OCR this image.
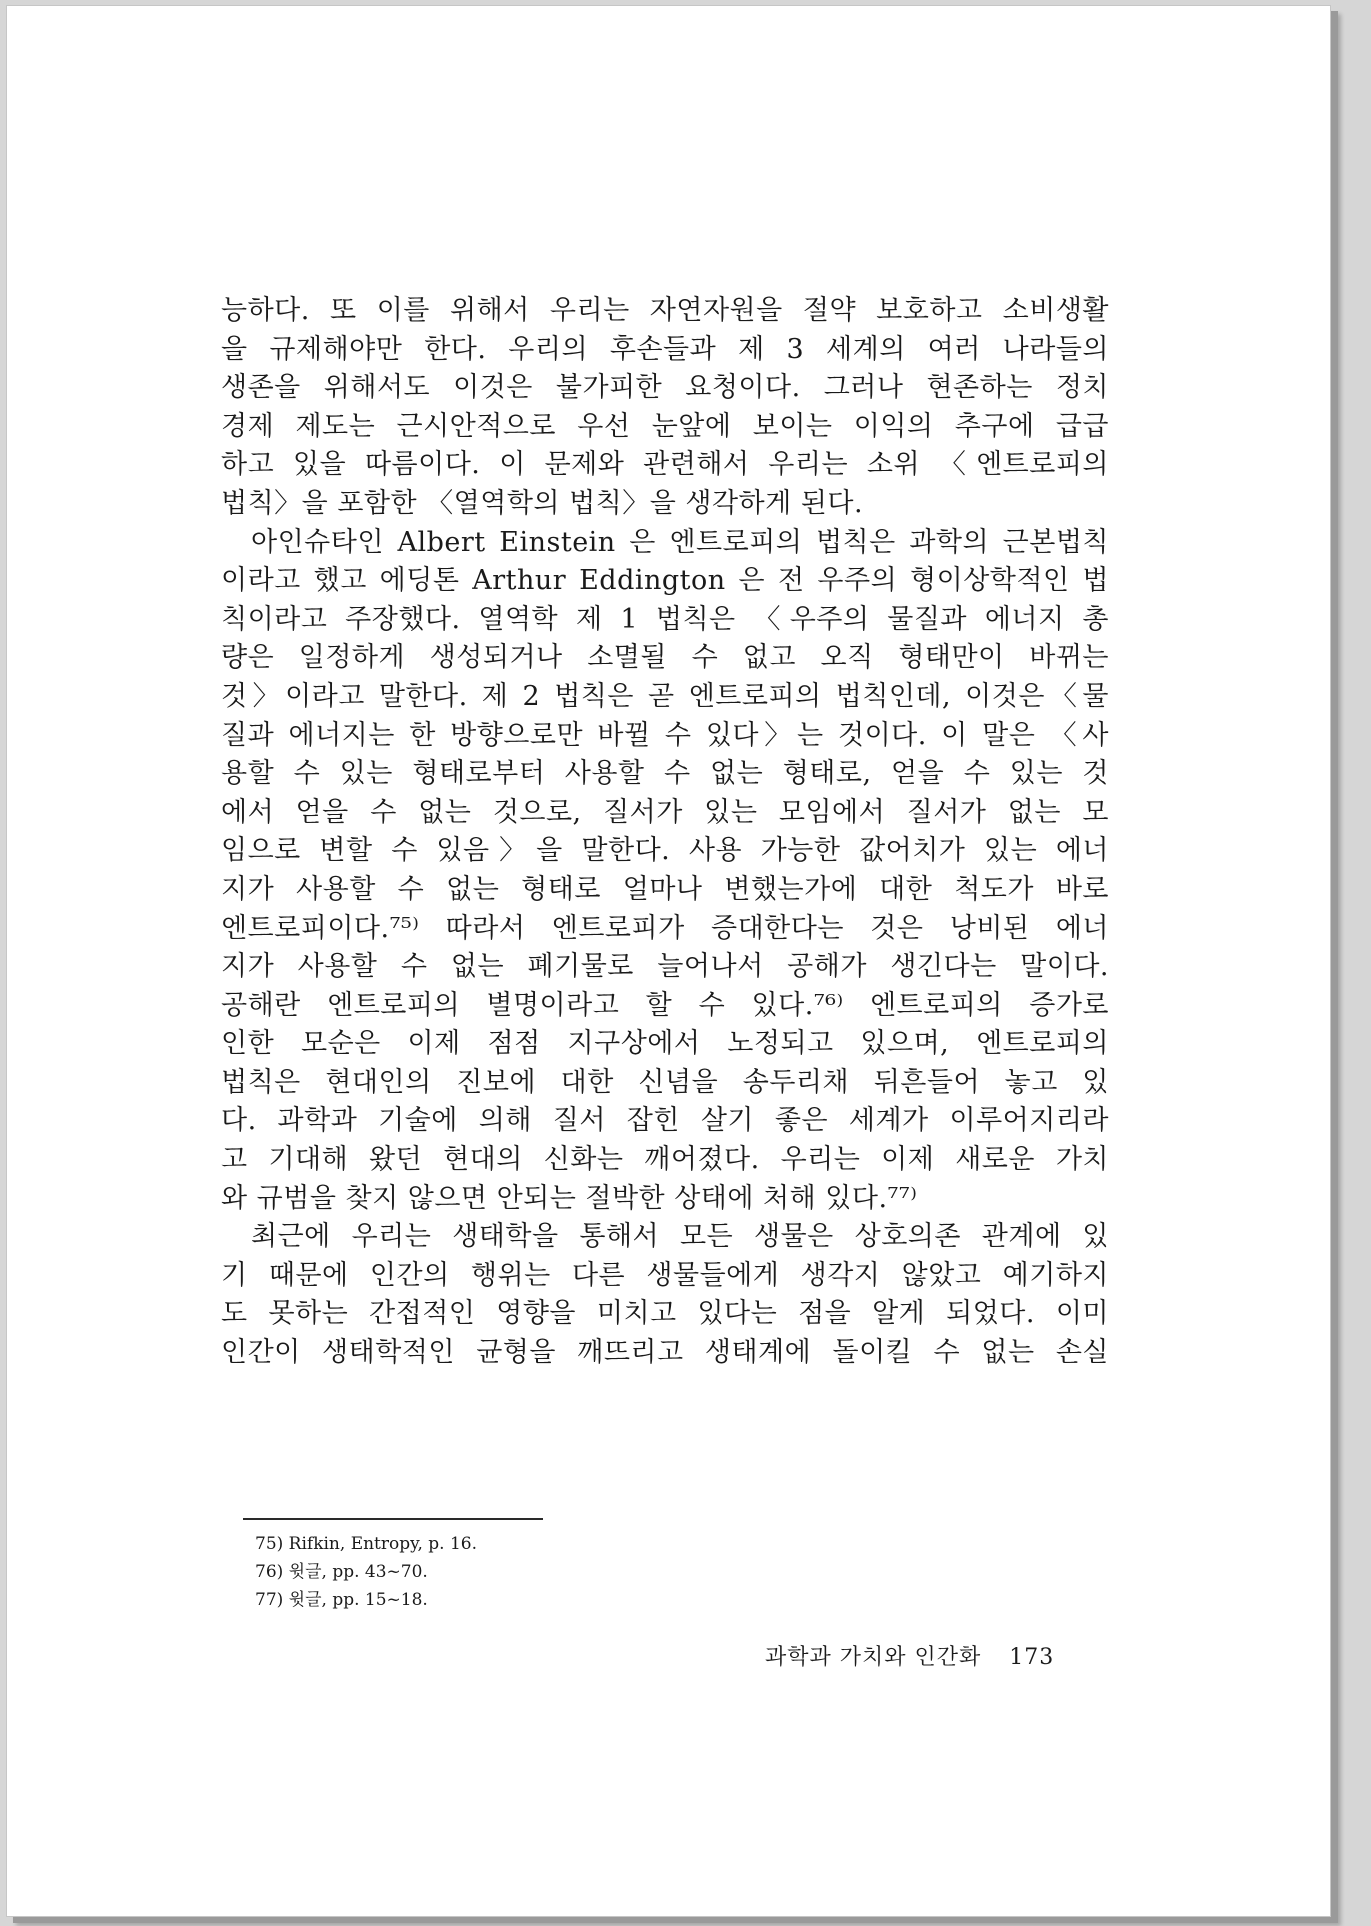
능하다. 또 이를 위해서 우리는 자연자원을 절약 보호하고 소비생활
을 규제해야만 한다. 우리의 후손들과 제 3 세계의 여러 나라들의
생존을 위해서도 이것은 불가피한 요청이다. 그러나 현존하는 정치
경제 제도는 근시안적으로 우선 눈앞에 보이는 이익의 추구에 급급
하고 있을 따름이다. 이 문제와 관련해서 우리는 소위 〈엔트로피의
법칙〉을 포함한 〈열역학의 법칙〉을 생각하게 된다.
아인슈타인 Albert Einstein 은 엔트로피의 법칙은 과학의 근본법칙
이라고 했고 에딩톤 Arthur Eddington 은 전 우주의 형이상학적인 법
칙이라고 주장했다. 열역학 제 1 법칙은 〈우주의 물질과 에너지 총
량은 일정하게 생성되거나 소멸될 수 없고 오직 형태만이 바뀌는
것〉이라고 말한다. 제 2 법칙은 곧 엔트로피의 법칙인데, 이것은〈물
질과 에너지는 한 방향으로만 바뀔 수 있다〉는 것이다. 이 말은 〈사
용할 수 있는 형태로부터 사용할 수 없는 형태로, 얻을 수 있는 것
에서 얻을 수 없는 것으로, 질서가 있는 모임에서 질서가 없는 모
임으로 변할 수 있음〉을 말한다. 사용 가능한 값어치가 있는 에너
지가 사용할 수 없는 형태로 얼마나 변했는가에 대한 척도가 바로
엔트로피이다.⁷⁵⁾ 따라서 엔트로피가 증대한다는 것은 낭비된 에너
지가 사용할 수 없는 폐기물로 늘어나서 공해가 생긴다는 말이다.
공해란 엔트로피의 별명이라고 할 수 있다.⁷⁶⁾ 엔트로피의 증가로
인한 모순은 이제 점점 지구상에서 노정되고 있으며, 엔트로피의
법칙은 현대인의 진보에 대한 신념을 송두리채 뒤흔들어 놓고 있
다. 과학과 기술에 의해 질서 잡힌 살기 좋은 세계가 이루어지리라
고 기대해 왔던 현대의 신화는 깨어졌다. 우리는 이제 새로운 가치
와 규범을 찾지 않으면 안되는 절박한 상태에 처해 있다.⁷⁷⁾
최근에 우리는 생태학을 통해서 모든 생물은 상호의존 관계에 있
기 때문에 인간의 행위는 다른 생물들에게 생각지 않았고 예기하지
도 못하는 간접적인 영향을 미치고 있다는 점을 알게 되었다. 이미
인간이 생태학적인 균형을 깨뜨리고 생태계에 돌이킬 수 없는 손실
75) Rifkin, Entropy, p. 16.
76) 윗글, pp. 43~70.
77) 윗글, pp. 15~18.
과학과 가치와 인간화 173
